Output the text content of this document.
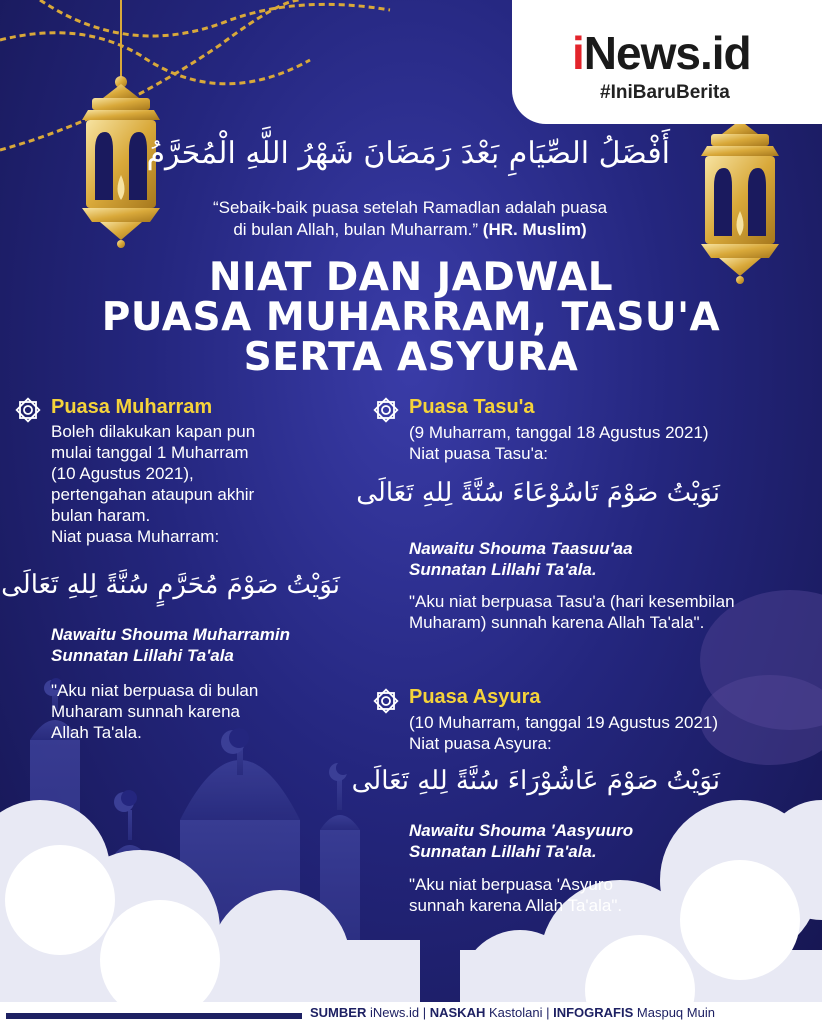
iNews.id
#IniBaruBerita
أَفْضَلُ الصِّيَامِ بَعْدَ رَمَضَانَ شَهْرُ اللَّهِ الْمُحَرَّمُ
“Sebaik-baik puasa setelah Ramadlan adalah puasa
di bulan Allah, bulan Muharram.” (HR. Muslim)
NIAT DAN JADWAL
PUASA MUHARRAM, TASU'A
SERTA ASYURA
Puasa Muharram
Boleh dilakukan kapan pun
mulai tanggal 1 Muharram
(10 Agustus 2021),
pertengahan ataupun akhir
bulan haram.
Niat puasa Muharram:
نَوَيْتُ صَوْمَ مُحَرَّمٍ سُنَّةً لِلهِ تَعَالَى
Nawaitu Shouma Muharramin
Sunnatan Lillahi Ta'ala
"Aku niat berpuasa di bulan
Muharam sunnah karena
Allah Ta'ala.
Puasa Tasu'a
(9 Muharram, tanggal 18 Agustus 2021)
Niat puasa Tasu'a:
نَوَيْتُ صَوْمَ تَاسُوْعَاءَ سُنَّةً لِلهِ تَعَالَى
Nawaitu Shouma Taasuu'aa
Sunnatan Lillahi Ta'ala.
"Aku niat berpuasa Tasu'a (hari kesembilan
Muharam) sunnah karena Allah Ta'ala".
Puasa Asyura
(10 Muharram, tanggal 19 Agustus 2021)
Niat puasa Asyura:
نَوَيْتُ صَوْمَ عَاشُوْرَاءَ سُنَّةً لِلهِ تَعَالَى
Nawaitu Shouma 'Aasyuuro
Sunnatan Lillahi Ta'ala.
"Aku niat berpuasa 'Asyuro
sunnah karena Allah Ta'ala".
SUMBER iNews.id | NASKAH Kastolani | INFOGRAFIS Maspuq Muin
